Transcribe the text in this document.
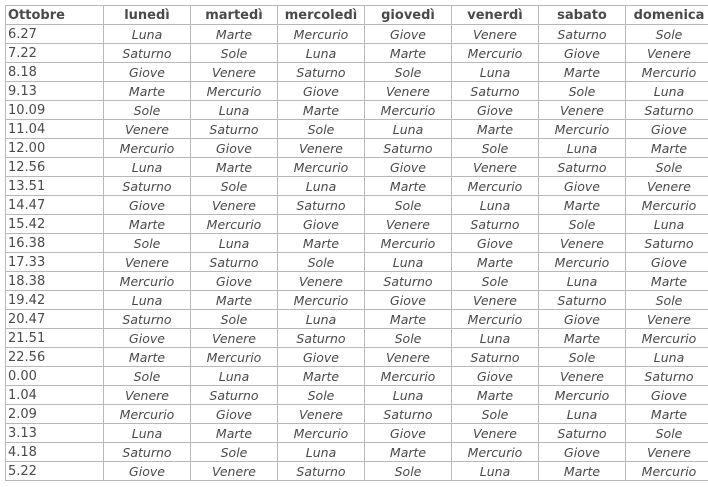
Ottobre	lunedì	martedì	mercoledì	giovedì	venerdì	sabato	domenica
6.27	Luna	Marte	Mercurio	Giove	Venere	Saturno	Sole
7.22	Saturno	Sole	Luna	Marte	Mercurio	Giove	Venere
8.18	Giove	Venere	Saturno	Sole	Luna	Marte	Mercurio
9.13	Marte	Mercurio	Giove	Venere	Saturno	Sole	Luna
10.09	Sole	Luna	Marte	Mercurio	Giove	Venere	Saturno
11.04	Venere	Saturno	Sole	Luna	Marte	Mercurio	Giove
12.00	Mercurio	Giove	Venere	Saturno	Sole	Luna	Marte
12.56	Luna	Marte	Mercurio	Giove	Venere	Saturno	Sole
13.51	Saturno	Sole	Luna	Marte	Mercurio	Giove	Venere
14.47	Giove	Venere	Saturno	Sole	Luna	Marte	Mercurio
15.42	Marte	Mercurio	Giove	Venere	Saturno	Sole	Luna
16.38	Sole	Luna	Marte	Mercurio	Giove	Venere	Saturno
17.33	Venere	Saturno	Sole	Luna	Marte	Mercurio	Giove
18.38	Mercurio	Giove	Venere	Saturno	Sole	Luna	Marte
19.42	Luna	Marte	Mercurio	Giove	Venere	Saturno	Sole
20.47	Saturno	Sole	Luna	Marte	Mercurio	Giove	Venere
21.51	Giove	Venere	Saturno	Sole	Luna	Marte	Mercurio
22.56	Marte	Mercurio	Giove	Venere	Saturno	Sole	Luna
0.00	Sole	Luna	Marte	Mercurio	Giove	Venere	Saturno
1.04	Venere	Saturno	Sole	Luna	Marte	Mercurio	Giove
2.09	Mercurio	Giove	Venere	Saturno	Sole	Luna	Marte
3.13	Luna	Marte	Mercurio	Giove	Venere	Saturno	Sole
4.18	Saturno	Sole	Luna	Marte	Mercurio	Giove	Venere
5.22	Giove	Venere	Saturno	Sole	Luna	Marte	Mercurio
